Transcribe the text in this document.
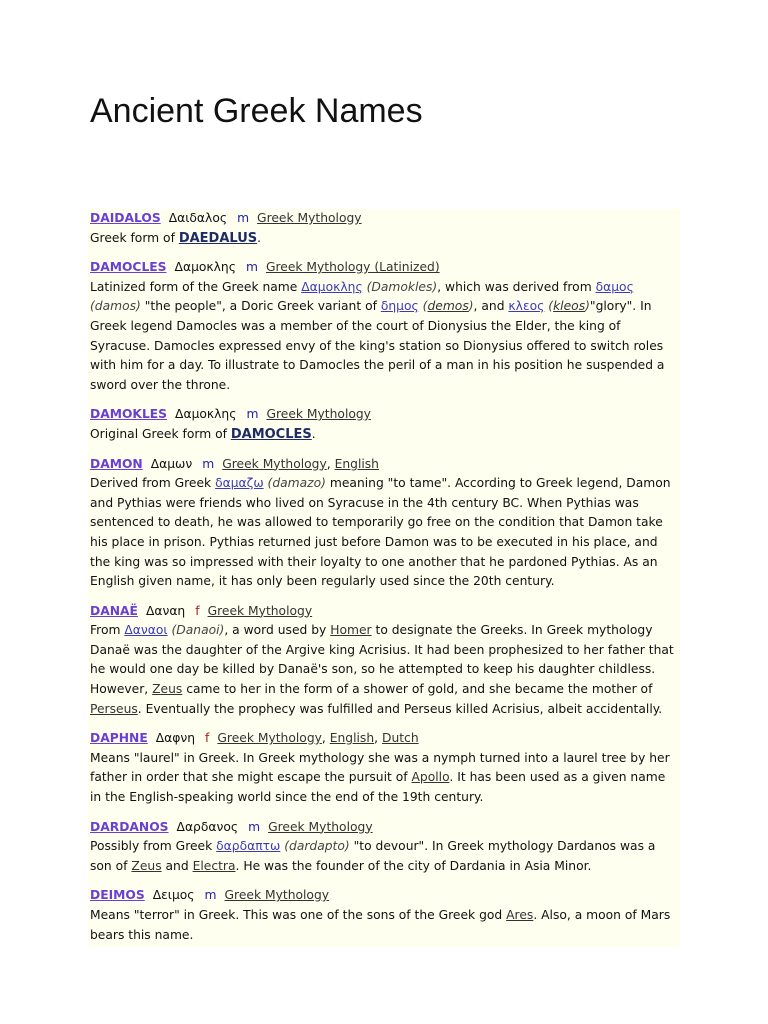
Ancient Greek Names
DAIDALOS Δαιδαλος m Greek Mythology
Greek form of DAEDALUS.
DAMOCLES Δαμοκλης m Greek Mythology (Latinized)
Latinized form of the Greek name Δαμοκλης (Damokles), which was derived from δαμος (damos) "the people", a Doric Greek variant of δημος (demos), and κλεος (kleos)"glory". In Greek legend Damocles was a member of the court of Dionysius the Elder, the king of Syracuse. Damocles expressed envy of the king's station so Dionysius offered to switch roles with him for a day. To illustrate to Damocles the peril of a man in his position he suspended a sword over the throne.
DAMOKLES Δαμοκλης m Greek Mythology
Original Greek form of DAMOCLES.
DAMON Δαμων m Greek Mythology, English
Derived from Greek δαμαζω (damazo) meaning "to tame". According to Greek legend, Damon and Pythias were friends who lived on Syracuse in the 4th century BC. When Pythias was sentenced to death, he was allowed to temporarily go free on the condition that Damon take his place in prison. Pythias returned just before Damon was to be executed in his place, and the king was so impressed with their loyalty to one another that he pardoned Pythias. As an English given name, it has only been regularly used since the 20th century.
DANAË Δαναη f Greek Mythology
From Δαναοι (Danaoi), a word used by Homer to designate the Greeks. In Greek mythology Danaë was the daughter of the Argive king Acrisius. It had been prophesized to her father that he would one day be killed by Danaë's son, so he attempted to keep his daughter childless.
However, Zeus came to her in the form of a shower of gold, and she became the mother of Perseus. Eventually the prophecy was fulfilled and Perseus killed Acrisius, albeit accidentally.
DAPHNE Δαφνη f Greek Mythology, English, Dutch
Means "laurel" in Greek. In Greek mythology she was a nymph turned into a laurel tree by her father in order that she might escape the pursuit of Apollo. It has been used as a given name in the English-speaking world since the end of the 19th century.
DARDANOS Δαρδανος m Greek Mythology
Possibly from Greek δαρδαπτω (dardapto) "to devour". In Greek mythology Dardanos was a son of Zeus and Electra. He was the founder of the city of Dardania in Asia Minor.
DEIMOS Δειμος m Greek Mythology
Means "terror" in Greek. This was one of the sons of the Greek god Ares. Also, a moon of Mars bears this name.
